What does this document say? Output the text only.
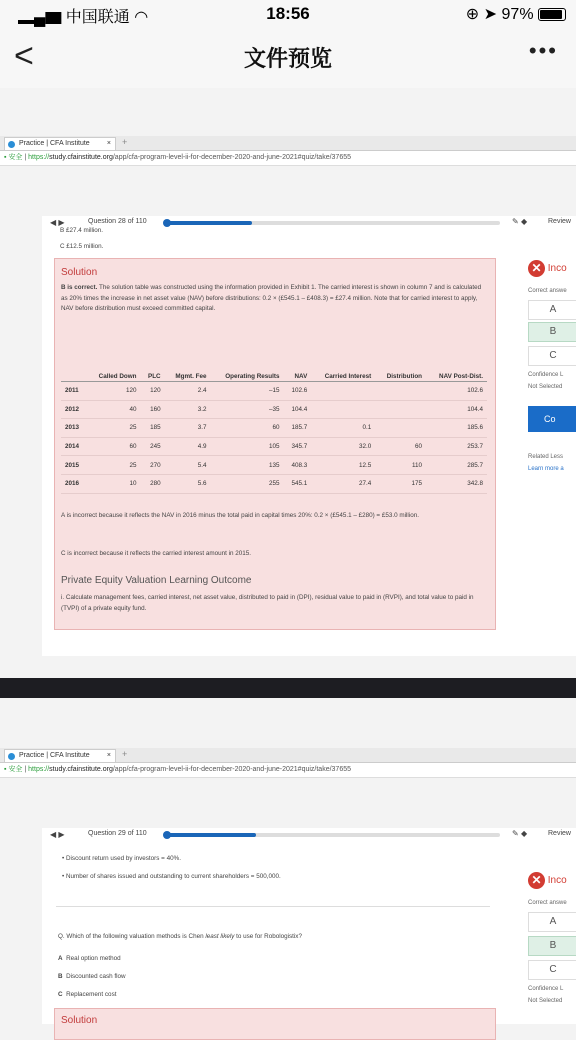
▂▄▆ 中国联通 ◠	18:56	⊕ ➤ 97%
<	文件预览	•••
Practice | CFA Institute × +
▪ 安全 | https://study.cfainstitute.org/app/cfa-program-level-ii-for-december-2020-and-june-2021#quiz/take/37655
◀ ▶	Question 28 of 110	✎ ◆	Review
B £27.4 million.
C £12.5 million.
Solution
B is correct. The solution table was constructed using the information provided in Exhibit 1. The carried interest is shown in column 7 and is calculated as 20% times the increase in net asset value (NAV) before distributions: 0.2 × (£545.1 – £408.3) = £27.4 million. Note that for carried interest to apply, NAV before distribution must exceed committed capital.
	Called Down	PLC	Mgmt. Fee	Operating Results	NAV	Carried Interest	Distribution	NAV Post-Dist.
2011	120	120	2.4	–15	102.6			102.6
2012	40	160	3.2	–35	104.4			104.4
2013	25	185	3.7	60	185.7	0.1		185.6
2014	60	245	4.9	105	345.7	32.0	60	253.7
2015	25	270	5.4	135	408.3	12.5	110	285.7
2016	10	280	5.6	255	545.1	27.4	175	342.8
A is incorrect because it reflects the NAV in 2016 minus the total paid in capital times 20%: 0.2 × (£545.1 – £280) = £53.0 million.
C is incorrect because it reflects the carried interest amount in 2015.
Private Equity Valuation Learning Outcome
i. Calculate management fees, carried interest, net asset value, distributed to paid in (DPI), residual value to paid in (RVPI), and total value to paid in (TVPI) of a private equity fund.
✕ Inco
Correct answe
A
B
C
Confidence L
Not Selected
Co
Related Less
Learn more a
Practice | CFA Institute × +
▪ 安全 | https://study.cfainstitute.org/app/cfa-program-level-ii-for-december-2020-and-june-2021#quiz/take/37655
◀ ▶	Question 29 of 110	✎ ◆	Review
• Discount return used by investors = 40%.
• Number of shares issued and outstanding to current shareholders = 500,000.
Q. Which of the following valuation methods is Chen least likely to use for Robologistix?
A Real option method
B Discounted cash flow
C Replacement cost
Solution
✕ Inco
Correct answe
A
B
C
Confidence L
Not Selected
